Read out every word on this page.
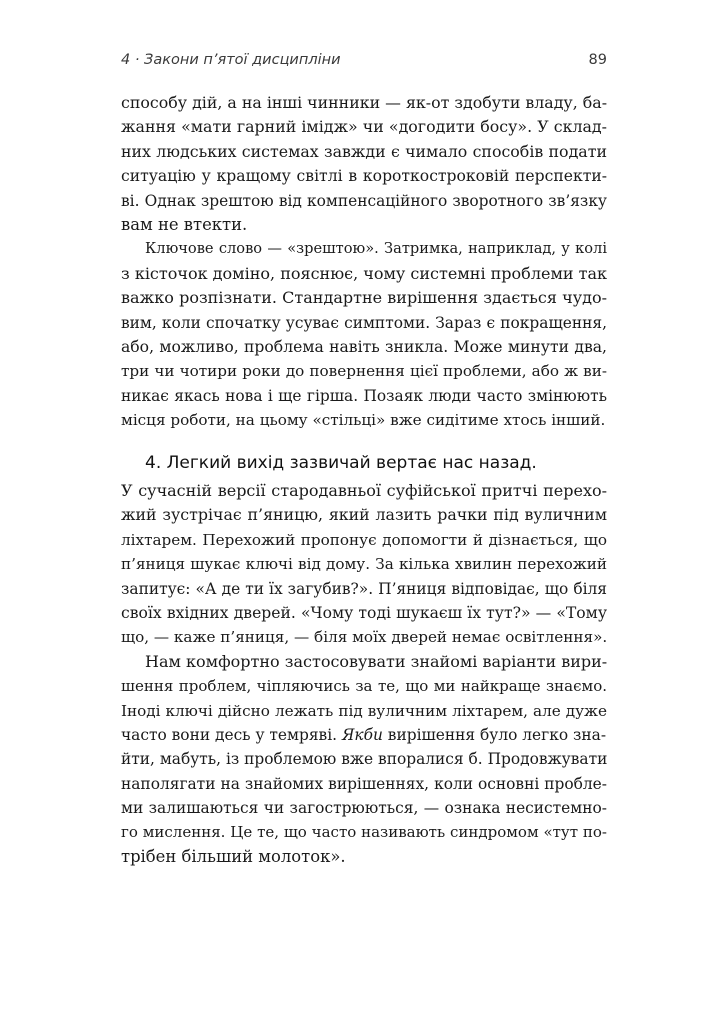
4 · Закони п’ятої дисципліни	89
способу дій, а на інші чинники — як-от здобути владу, ба-
жання «мати гарний імідж» чи «догодити босу». У склад-
них людських системах завжди є чимало способів подати
ситуацію у кращому світлі в короткостроковій перспекти-
ві. Однак зрештою від компенсаційного зворотного зв’язку
вам не втекти.
Ключове слово — «зрештою». Затримка, наприклад, у колі
з кісточок доміно, пояснює, чому системні проблеми так
важко розпізнати. Стандартне вирішення здається чудо-
вим, коли спочатку усуває симптоми. Зараз є покращення,
або, можливо, проблема навіть зникла. Може минути два,
три чи чотири роки до повернення цієї проблеми, або ж ви-
никає якась нова і ще гірша. Позаяк люди часто змінюють
місця роботи, на цьому «стільці» вже сидітиме хтось інший.
4. Легкий вихід зазвичай вертає нас назад.
У сучасній версії стародавньої суфійської притчі перехо-
жий зустрічає п’яницю, який лазить рачки під вуличним
ліхтарем. Перехожий пропонує допомогти й дізнається, що
п’яниця шукає ключі від дому. За кілька хвилин перехожий
запитує: «А де ти їх загубив?». П’яниця відповідає, що біля
своїх вхідних дверей. «Чому тоді шукаєш їх тут?» — «Тому
що, — каже п’яниця, — біля моїх дверей немає освітлення».
Нам комфортно застосовувати знайомі варіанти вири-
шення проблем, чіпляючись за те, що ми найкраще знаємо.
Іноді ключі дійсно лежать під вуличним ліхтарем, але дуже
часто вони десь у темряві. Якби вирішення було легко зна-
йти, мабуть, із проблемою вже впоралися б. Продовжувати
наполягати на знайомих вирішеннях, коли основні пробле-
ми залишаються чи загострюються, — ознака несистемно-
го мислення. Це те, що часто називають синдромом «тут по-
трібен більший молоток».
